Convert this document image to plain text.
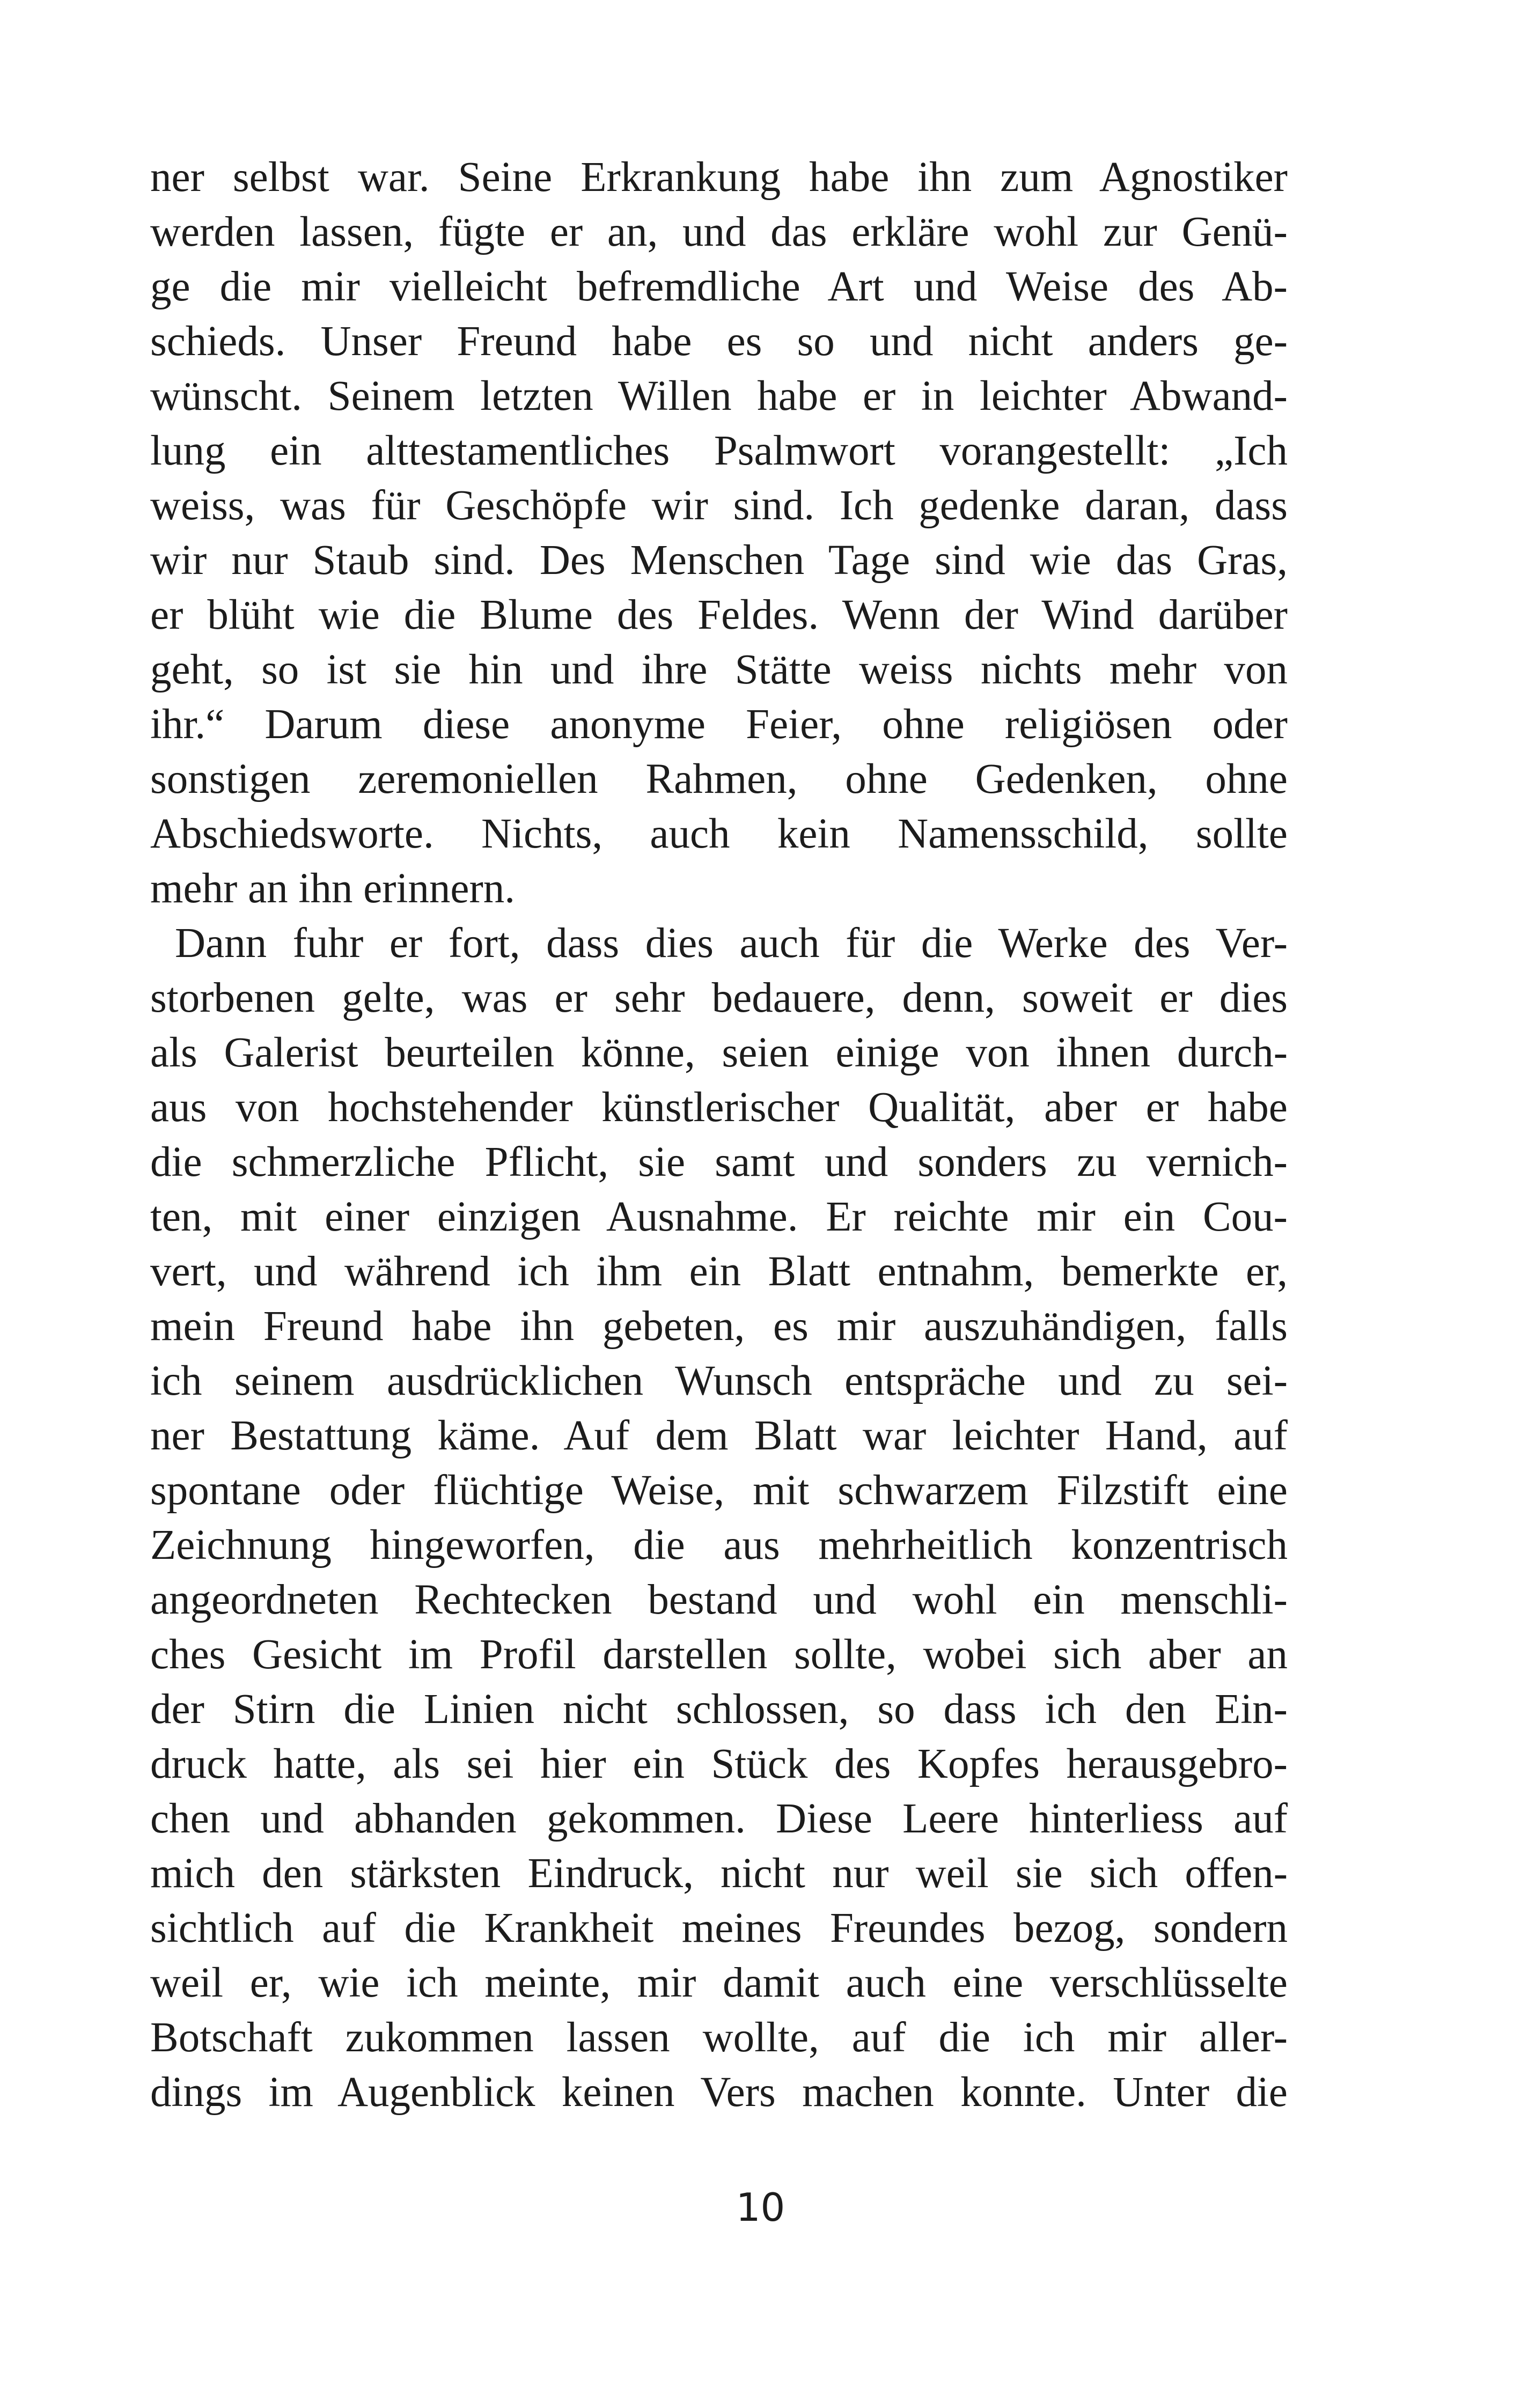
ner selbst war. Seine Erkrankung habe ihn zum Agnostiker
werden lassen, fügte er an, und das erkläre wohl zur Genü-
ge die mir vielleicht befremdliche Art und Weise des Ab-
schieds. Unser Freund habe es so und nicht anders ge-
wünscht. Seinem letzten Willen habe er in leichter Abwand-
lung ein alttestamentliches Psalmwort vorangestellt: „Ich
weiss, was für Geschöpfe wir sind. Ich gedenke daran, dass
wir nur Staub sind. Des Menschen Tage sind wie das Gras,
er blüht wie die Blume des Feldes. Wenn der Wind darüber
geht, so ist sie hin und ihre Stätte weiss nichts mehr von
ihr.“ Darum diese anonyme Feier, ohne religiösen oder
sonstigen zeremoniellen Rahmen, ohne Gedenken, ohne
Abschiedsworte. Nichts, auch kein Namensschild, sollte
mehr an ihn erinnern.
Dann fuhr er fort, dass dies auch für die Werke des Ver-
storbenen gelte, was er sehr bedauere, denn, soweit er dies
als Galerist beurteilen könne, seien einige von ihnen durch-
aus von hochstehender künstlerischer Qualität, aber er habe
die schmerzliche Pflicht, sie samt und sonders zu vernich-
ten, mit einer einzigen Ausnahme. Er reichte mir ein Cou-
vert, und während ich ihm ein Blatt entnahm, bemerkte er,
mein Freund habe ihn gebeten, es mir auszuhändigen, falls
ich seinem ausdrücklichen Wunsch entspräche und zu sei-
ner Bestattung käme. Auf dem Blatt war leichter Hand, auf
spontane oder flüchtige Weise, mit schwarzem Filzstift eine
Zeichnung hingeworfen, die aus mehrheitlich konzentrisch
angeordneten Rechtecken bestand und wohl ein menschli-
ches Gesicht im Profil darstellen sollte, wobei sich aber an
der Stirn die Linien nicht schlossen, so dass ich den Ein-
druck hatte, als sei hier ein Stück des Kopfes herausgebro-
chen und abhanden gekommen. Diese Leere hinterliess auf
mich den stärksten Eindruck, nicht nur weil sie sich offen-
sichtlich auf die Krankheit meines Freundes bezog, sondern
weil er, wie ich meinte, mir damit auch eine verschlüsselte
Botschaft zukommen lassen wollte, auf die ich mir aller-
dings im Augenblick keinen Vers machen konnte. Unter die
10
